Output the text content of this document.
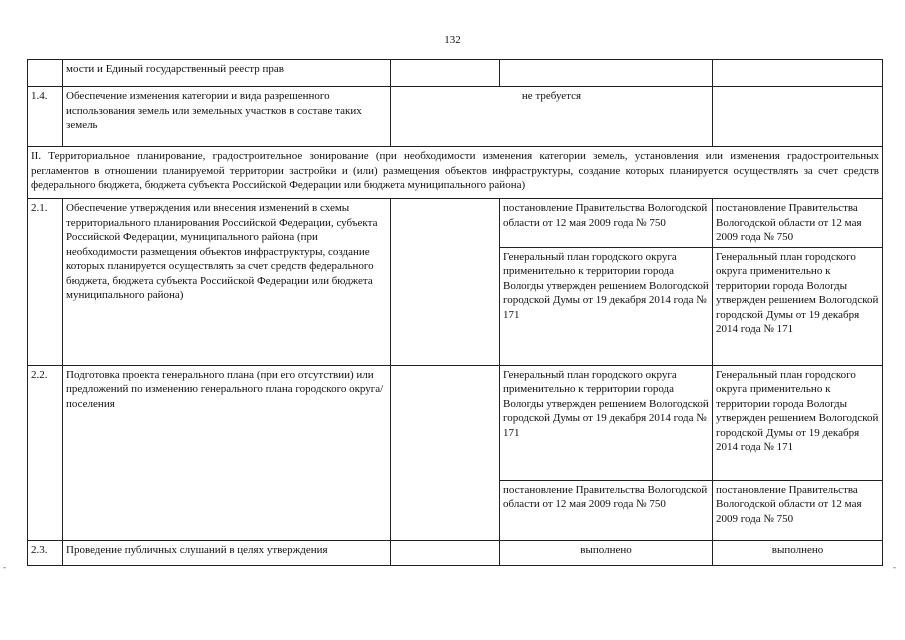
132
	мости и Единый государственный реестр прав			
1.4.	Обеспечение изменения категории и вида разрешенного использования земель или земельных участков в составе таких земель	не требуется		
II. Территориальное планирование, градостроительное зонирование (при необходимости изменения категории земель, установления или изменения градостроительных регламентов в отношении планируемой территории застройки и (или) размещения объектов инфраструктуры, создание которых планируется осуществлять за счет средств федерального бюджета, бюджета субъекта Российской Федерации или бюджета муниципального района)				
2.1.	Обеспечение утверждения или внесения изменений в схемы территориального планирования Российской Федерации, субъекта Российской Федерации, муниципального района (при необходимости размещения объектов инфраструктуры, создание которых планируется осуществлять за счет средств федерального бюджета, бюджета субъекта Российской Федерации или бюджета муниципального района)		постановление Правительства Вологодской области от 12 мая 2009 года № 750	постановление Правительства Вологодской области от 12 мая 2009 года № 750
			Генеральный план городского округа применительно к территории города Вологды утвержден решением Вологодской городской Думы от 19 декабря 2014 года № 171	Генеральный план городского округа применительно к территории города Вологды утвержден решением Вологодской городской Думы от 19 декабря 2014 года № 171
2.2.	Подготовка проекта генерального плана (при его отсутствии) или предложений по изменению генерального плана городского округа/поселения		Генеральный план городского округа применительно к территории города Вологды утвержден решением Вологодской городской Думы от 19 декабря 2014 года № 171	Генеральный план городского округа применительно к территории города Вологды утвержден решением Вологодской городской Думы от 19 декабря 2014 года № 171
			постановление Правительства Вологодской области от 12 мая 2009 года № 750	постановление Правительства Вологодской области от 12 мая 2009 года № 750
2.3.	Проведение публичных слушаний в целях утверждения		выполнено	выполнено
-	-
